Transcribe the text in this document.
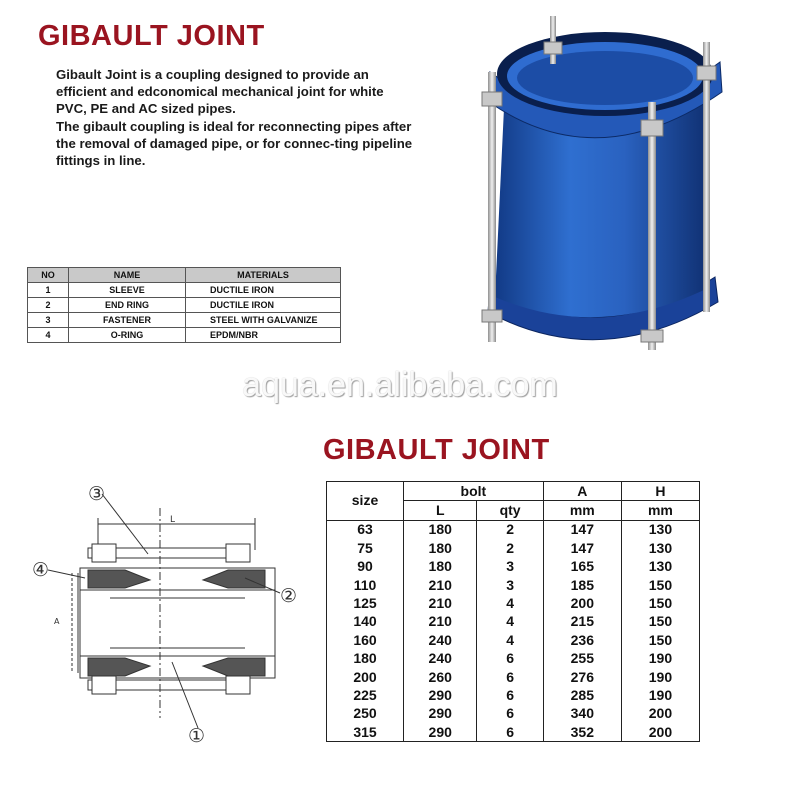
GIBAULT JOINT

Gibault Joint is a coupling designed to provide an efficient and edconomical mechanical joint for white PVC, PE and AC sized pipes.

The gibault coupling is ideal for reconnecting pipes after the removal of damaged pipe, or for connec-ting pipeline fittings in line.

NO	NAME	MATERIALS
1	SLEEVE	DUCTILE IRON
2	END RING	DUCTILE IRON
3	FASTENER	STEEL WITH GALVANIZE
4	O-RING	EPDM/NBR
aqua.en.alibaba.com
GIBAULT JOINT
L
A
③
④
②
①
size	bolt		A	H
	L	qty	mm	mm
63	180	2	147	130
75	180	2	147	130
90	180	3	165	130
110	210	3	185	150
125	210	4	200	150
140	210	4	215	150
160	240	4	236	150
180	240	6	255	190
200	260	6	276	190
225	290	6	285	190
250	290	6	340	200
315	290	6	352	200
